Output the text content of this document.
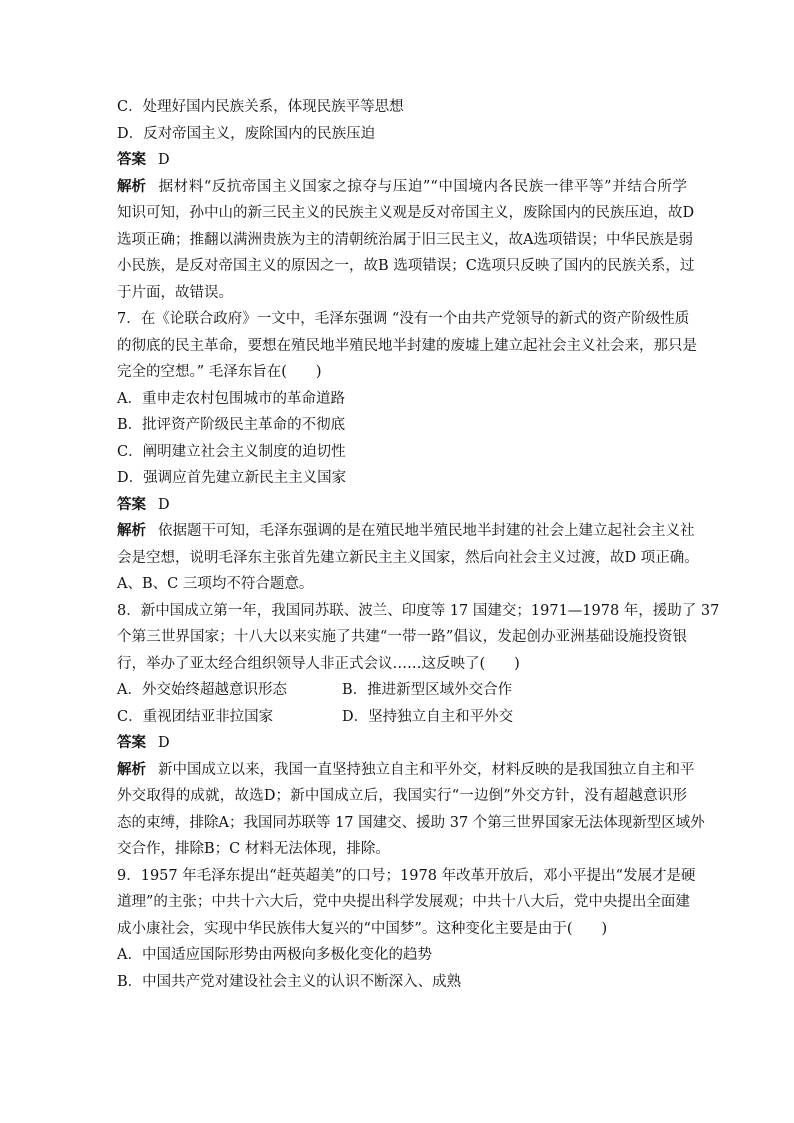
C．处理好国内民族关系，体现民族平等思想
D．反对帝国主义，废除国内的民族压迫
答案 D
解析 据材料“反抗帝国主义国家之掠夺与压迫”“中国境内各民族一律平等”并结合所学
知识可知，孙中山的新三民主义的民族主义观是反对帝国主义，废除国内的民族压迫，故D
选项正确；推翻以满洲贵族为主的清朝统治属于旧三民主义，故A选项错误；中华民族是弱
小民族，是反对帝国主义的原因之一，故B 选项错误；C选项只反映了国内的民族关系，过
于片面，故错误。
7．在《论联合政府》一文中，毛泽东强调 “没有一个由共产党领导的新式的资产阶级性质
的彻底的民主革命，要想在殖民地半殖民地半封建的废墟上建立起社会主义社会来，那只是
完全的空想。” 毛泽东旨在(　　)
A．重申走农村包围城市的革命道路
B．批评资产阶级民主革命的不彻底
C．阐明建立社会主义制度的迫切性
D．强调应首先建立新民主主义国家
答案 D
解析 依据题干可知，毛泽东强调的是在殖民地半殖民地半封建的社会上建立起社会主义社
会是空想，说明毛泽东主张首先建立新民主主义国家，然后向社会主义过渡，故D 项正确。
A、B、C 三项均不符合题意。
8．新中国成立第一年，我国同苏联、波兰、印度等 17 国建交；1971—1978 年，援助了 37
个第三世界国家；十八大以来实施了共建“一带一路”倡议，发起创办亚洲基础设施投资银
行，举办了亚太经合组织领导人非正式会议……这反映了(　　)
A．外交始终超越意识形态	B．推进新型区域外交合作
C．重视团结亚非拉国家	D．坚持独立自主和平外交
答案 D
解析 新中国成立以来，我国一直坚持独立自主和平外交，材料反映的是我国独立自主和平
外交取得的成就，故选D；新中国成立后，我国实行“一边倒”外交方针，没有超越意识形
态的束缚，排除A；我国同苏联等 17 国建交、援助 37 个第三世界国家无法体现新型区域外
交合作，排除B；C 材料无法体现，排除。
9．1957 年毛泽东提出“赶英超美”的口号；1978 年改革开放后，邓小平提出“发展才是硬
道理”的主张；中共十六大后，党中央提出科学发展观；中共十八大后，党中央提出全面建
成小康社会，实现中华民族伟大复兴的“中国梦”。这种变化主要是由于(　　)
A．中国适应国际形势由两极向多极化变化的趋势
B．中国共产党对建设社会主义的认识不断深入、成熟
